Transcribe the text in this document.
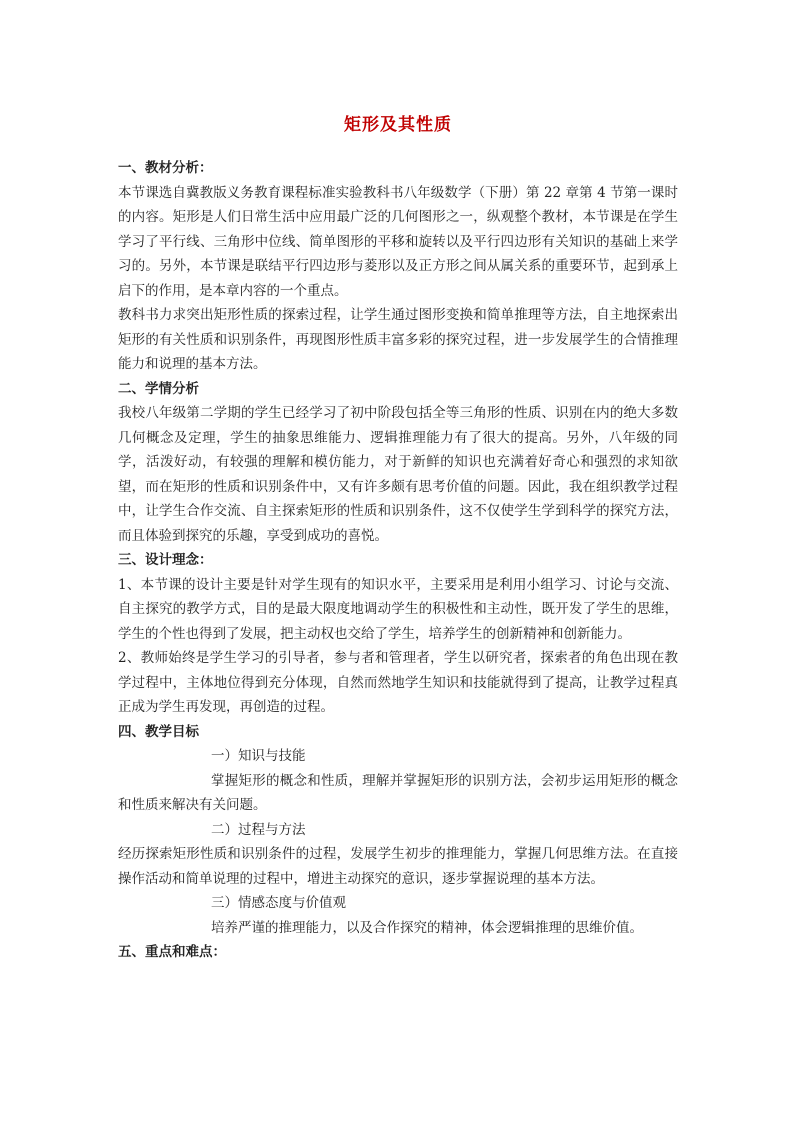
矩形及其性质

一、教材分析：

本节课选自冀教版义务教育课程标准实验教科书八年级数学（下册）第 22 章第 4 节第一课时的内容。矩形是人们日常生活中应用最广泛的几何图形之一，纵观整个教材，本节课是在学生学习了平行线、三角形中位线、简单图形的平移和旋转以及平行四边形有关知识的基础上来学习的。另外，本节课是联结平行四边形与菱形以及正方形之间从属关系的重要环节，起到承上启下的作用，是本章内容的一个重点。

教科书力求突出矩形性质的探索过程，让学生通过图形变换和简单推理等方法，自主地探索出矩形的有关性质和识别条件，再现图形性质丰富多彩的探究过程，进一步发展学生的合情推理能力和说理的基本方法。

二、学情分析

我校八年级第二学期的学生已经学习了初中阶段包括全等三角形的性质、识别在内的绝大多数几何概念及定理，学生的抽象思维能力、逻辑推理能力有了很大的提高。另外，八年级的同学，活泼好动，有较强的理解和模仿能力，对于新鲜的知识也充满着好奇心和强烈的求知欲望，而在矩形的性质和识别条件中，又有许多颇有思考价值的问题。因此，我在组织教学过程中，让学生合作交流、自主探索矩形的性质和识别条件，这不仅使学生学到科学的探究方法，而且体验到探究的乐趣，享受到成功的喜悦。

三、设计理念：

1、本节课的设计主要是针对学生现有的知识水平，主要采用是利用小组学习、讨论与交流、自主探究的教学方式，目的是最大限度地调动学生的积极性和主动性，既开发了学生的思维，学生的个性也得到了发展，把主动权也交给了学生，培养学生的创新精神和创新能力。

2、教师始终是学生学习的引导者，参与者和管理者，学生以研究者，探索者的角色出现在教学过程中，主体地位得到充分体现，自然而然地学生知识和技能就得到了提高，让教学过程真正成为学生再发现，再创造的过程。

四、教学目标

一）知识与技能

掌握矩形的概念和性质，理解并掌握矩形的识别方法，会初步运用矩形的概念和性质来解决有关问题。

二）过程与方法

经历探索矩形性质和识别条件的过程，发展学生初步的推理能力，掌握几何思维方法。在直接操作活动和简单说理的过程中，增进主动探究的意识，逐步掌握说理的基本方法。

三）情感态度与价值观

培养严谨的推理能力，以及合作探究的精神，体会逻辑推理的思维价值。

五、重点和难点：
